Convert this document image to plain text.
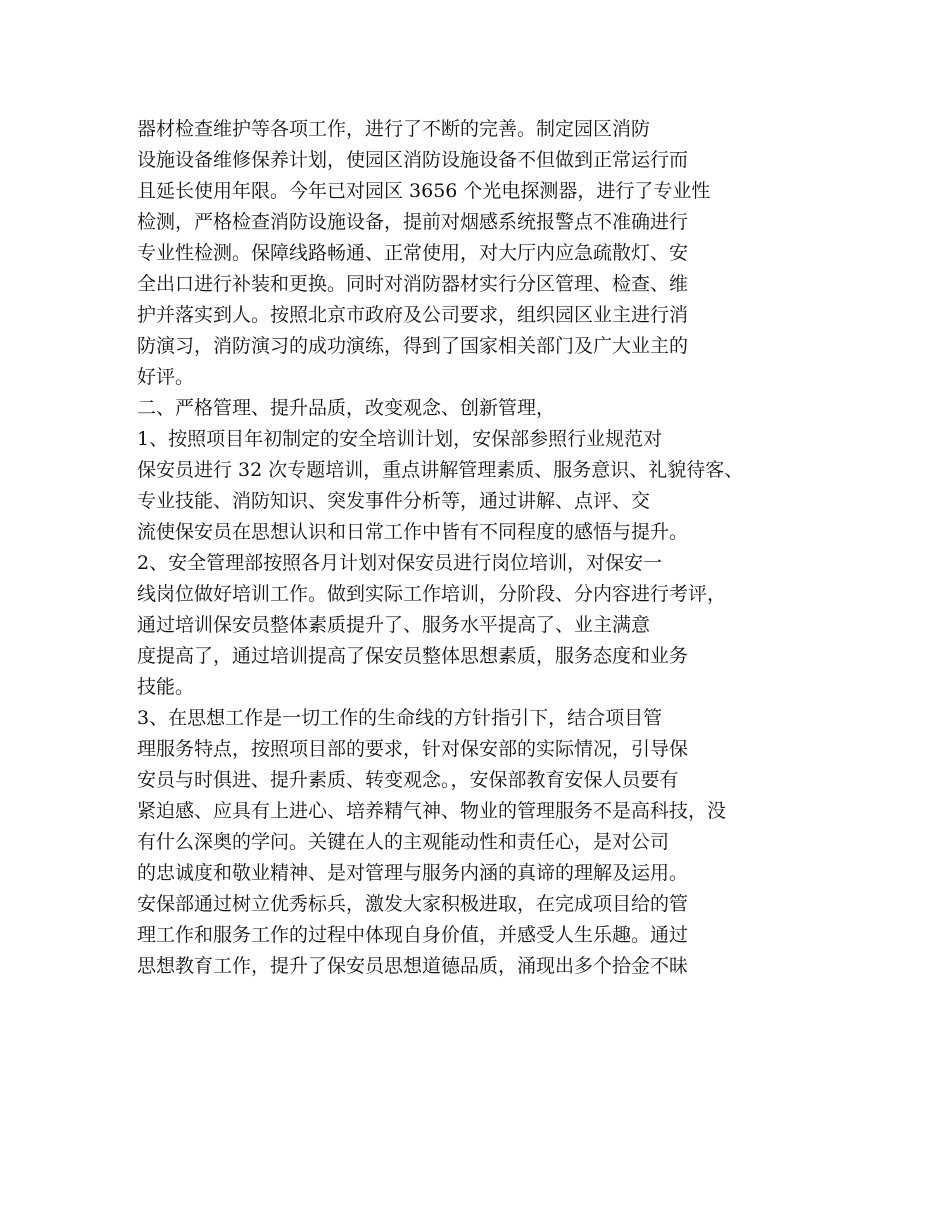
器材检查维护等各项工作，进行了不断的完善。制定园区消防
设施设备维修保养计划，使园区消防设施设备不但做到正常运行而
且延长使用年限。今年已对园区 3656 个光电探测器，进行了专业性
检测，严格检查消防设施设备，提前对烟感系统报警点不准确进行
专业性检测。保障线路畅通、正常使用，对大厅内应急疏散灯、安
全出口进行补装和更换。同时对消防器材实行分区管理、检查、维
护并落实到人。按照北京市政府及公司要求，组织园区业主进行消
防演习，消防演习的成功演练，得到了国家相关部门及广大业主的
好评。
二、严格管理、提升品质，改变观念、创新管理，
1、按照项目年初制定的安全培训计划，安保部参照行业规范对
保安员进行 32 次专题培训，重点讲解管理素质、服务意识、礼貌待客、
专业技能、消防知识、突发事件分析等，通过讲解、点评、交
流使保安员在思想认识和日常工作中皆有不同程度的感悟与提升。
2、安全管理部按照各月计划对保安员进行岗位培训，对保安一
线岗位做好培训工作。做到实际工作培训，分阶段、分内容进行考评，
通过培训保安员整体素质提升了、服务水平提高了、业主满意
度提高了，通过培训提高了保安员整体思想素质，服务态度和业务
技能。
3、在思想工作是一切工作的生命线的方针指引下，结合项目管
理服务特点，按照项目部的要求，针对保安部的实际情况，引导保
安员与时俱进、提升素质、转变观念。，安保部教育安保人员要有
紧迫感、应具有上进心、培养精气神、物业的管理服务不是高科技，没
有什么深奥的学问。关键在人的主观能动性和责任心，是对公司
的忠诚度和敬业精神、是对管理与服务内涵的真谛的理解及运用。
安保部通过树立优秀标兵，激发大家积极进取，在完成项目给的管
理工作和服务工作的过程中体现自身价值，并感受人生乐趣。通过
思想教育工作，提升了保安员思想道德品质，涌现出多个拾金不昧
